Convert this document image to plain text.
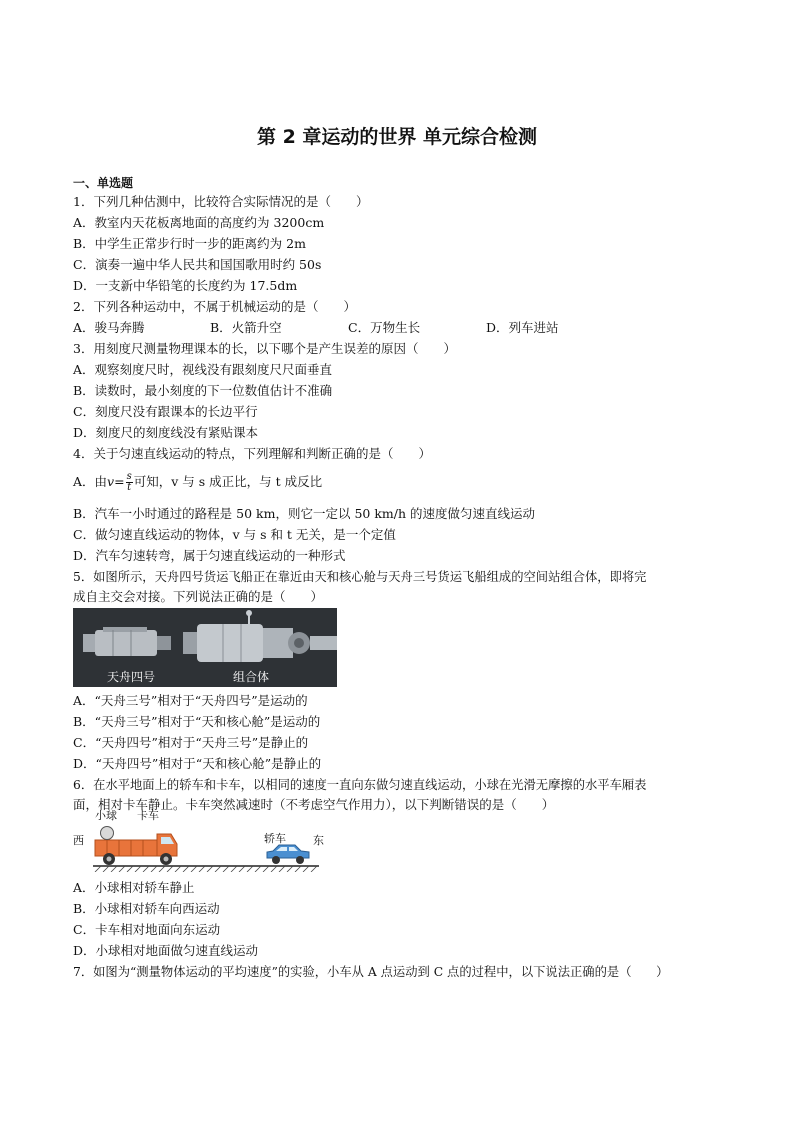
第 2 章运动的世界 单元综合检测
一、单选题
1．下列几种估测中，比较符合实际情况的是（　　）
A．教室内天花板离地面的高度约为 3200cm
B．中学生正常步行时一步的距离约为 2m
C．演奏一遍中华人民共和国国歌用时约 50s
D．一支新中华铅笔的长度约为 17.5dm
2．下列各种运动中，不属于机械运动的是（　　）
A．骏马奔腾	B．火箭升空	C．万物生长	D．列车进站
3．用刻度尺测量物理课本的长，以下哪个是产生误差的原因（　　）
A．观察刻度尺时，视线没有跟刻度尺尺面垂直
B．读数时，最小刻度的下一位数值估计不准确
C．刻度尺没有跟课本的长边平行
D．刻度尺的刻度线没有紧贴课本
4．关于匀速直线运动的特点，下列理解和判断正确的是（　　）
A．由$v= \frac{s}{t}$ 可知，v 与 s 成正比，与 t 成反比
B．汽车一小时通过的路程是 50 km，则它一定以 50 km/h 的速度做匀速直线运动
C．做匀速直线运动的物体，v 与 s 和 t 无关，是一个定值
D．汽车匀速转弯，属于匀速直线运动的一种形式
5．如图所示，天舟四号货运飞船正在靠近由天和核心舱与天舟三号货运飞船组成的空间站组合体，即将完
成自主交会对接。下列说法正确的是（　　）
天舟四号	组合体
A．“天舟三号”相对于“天舟四号”是运动的
B．“天舟三号”相对于“天和核心舱”是运动的
C．“天舟四号”相对于“天舟三号”是静止的
D．“天舟四号”相对于“天和核心舱”是静止的
6．在水平地面上的轿车和卡车，以相同的速度一直向东做匀速直线运动，小球在光滑无摩擦的水平车厢表
面，相对卡车静止。卡车突然减速时（不考虑空气作用力），以下判断错误的是（　　）
西
小球 卡车
轿车 东
A．小球相对轿车静止
B．小球相对轿车向西运动
C．卡车相对地面向东运动
D．小球相对地面做匀速直线运动
7．如图为“测量物体运动的平均速度”的实验，小车从 A 点运动到 C 点的过程中，以下说法正确的是（　　）
